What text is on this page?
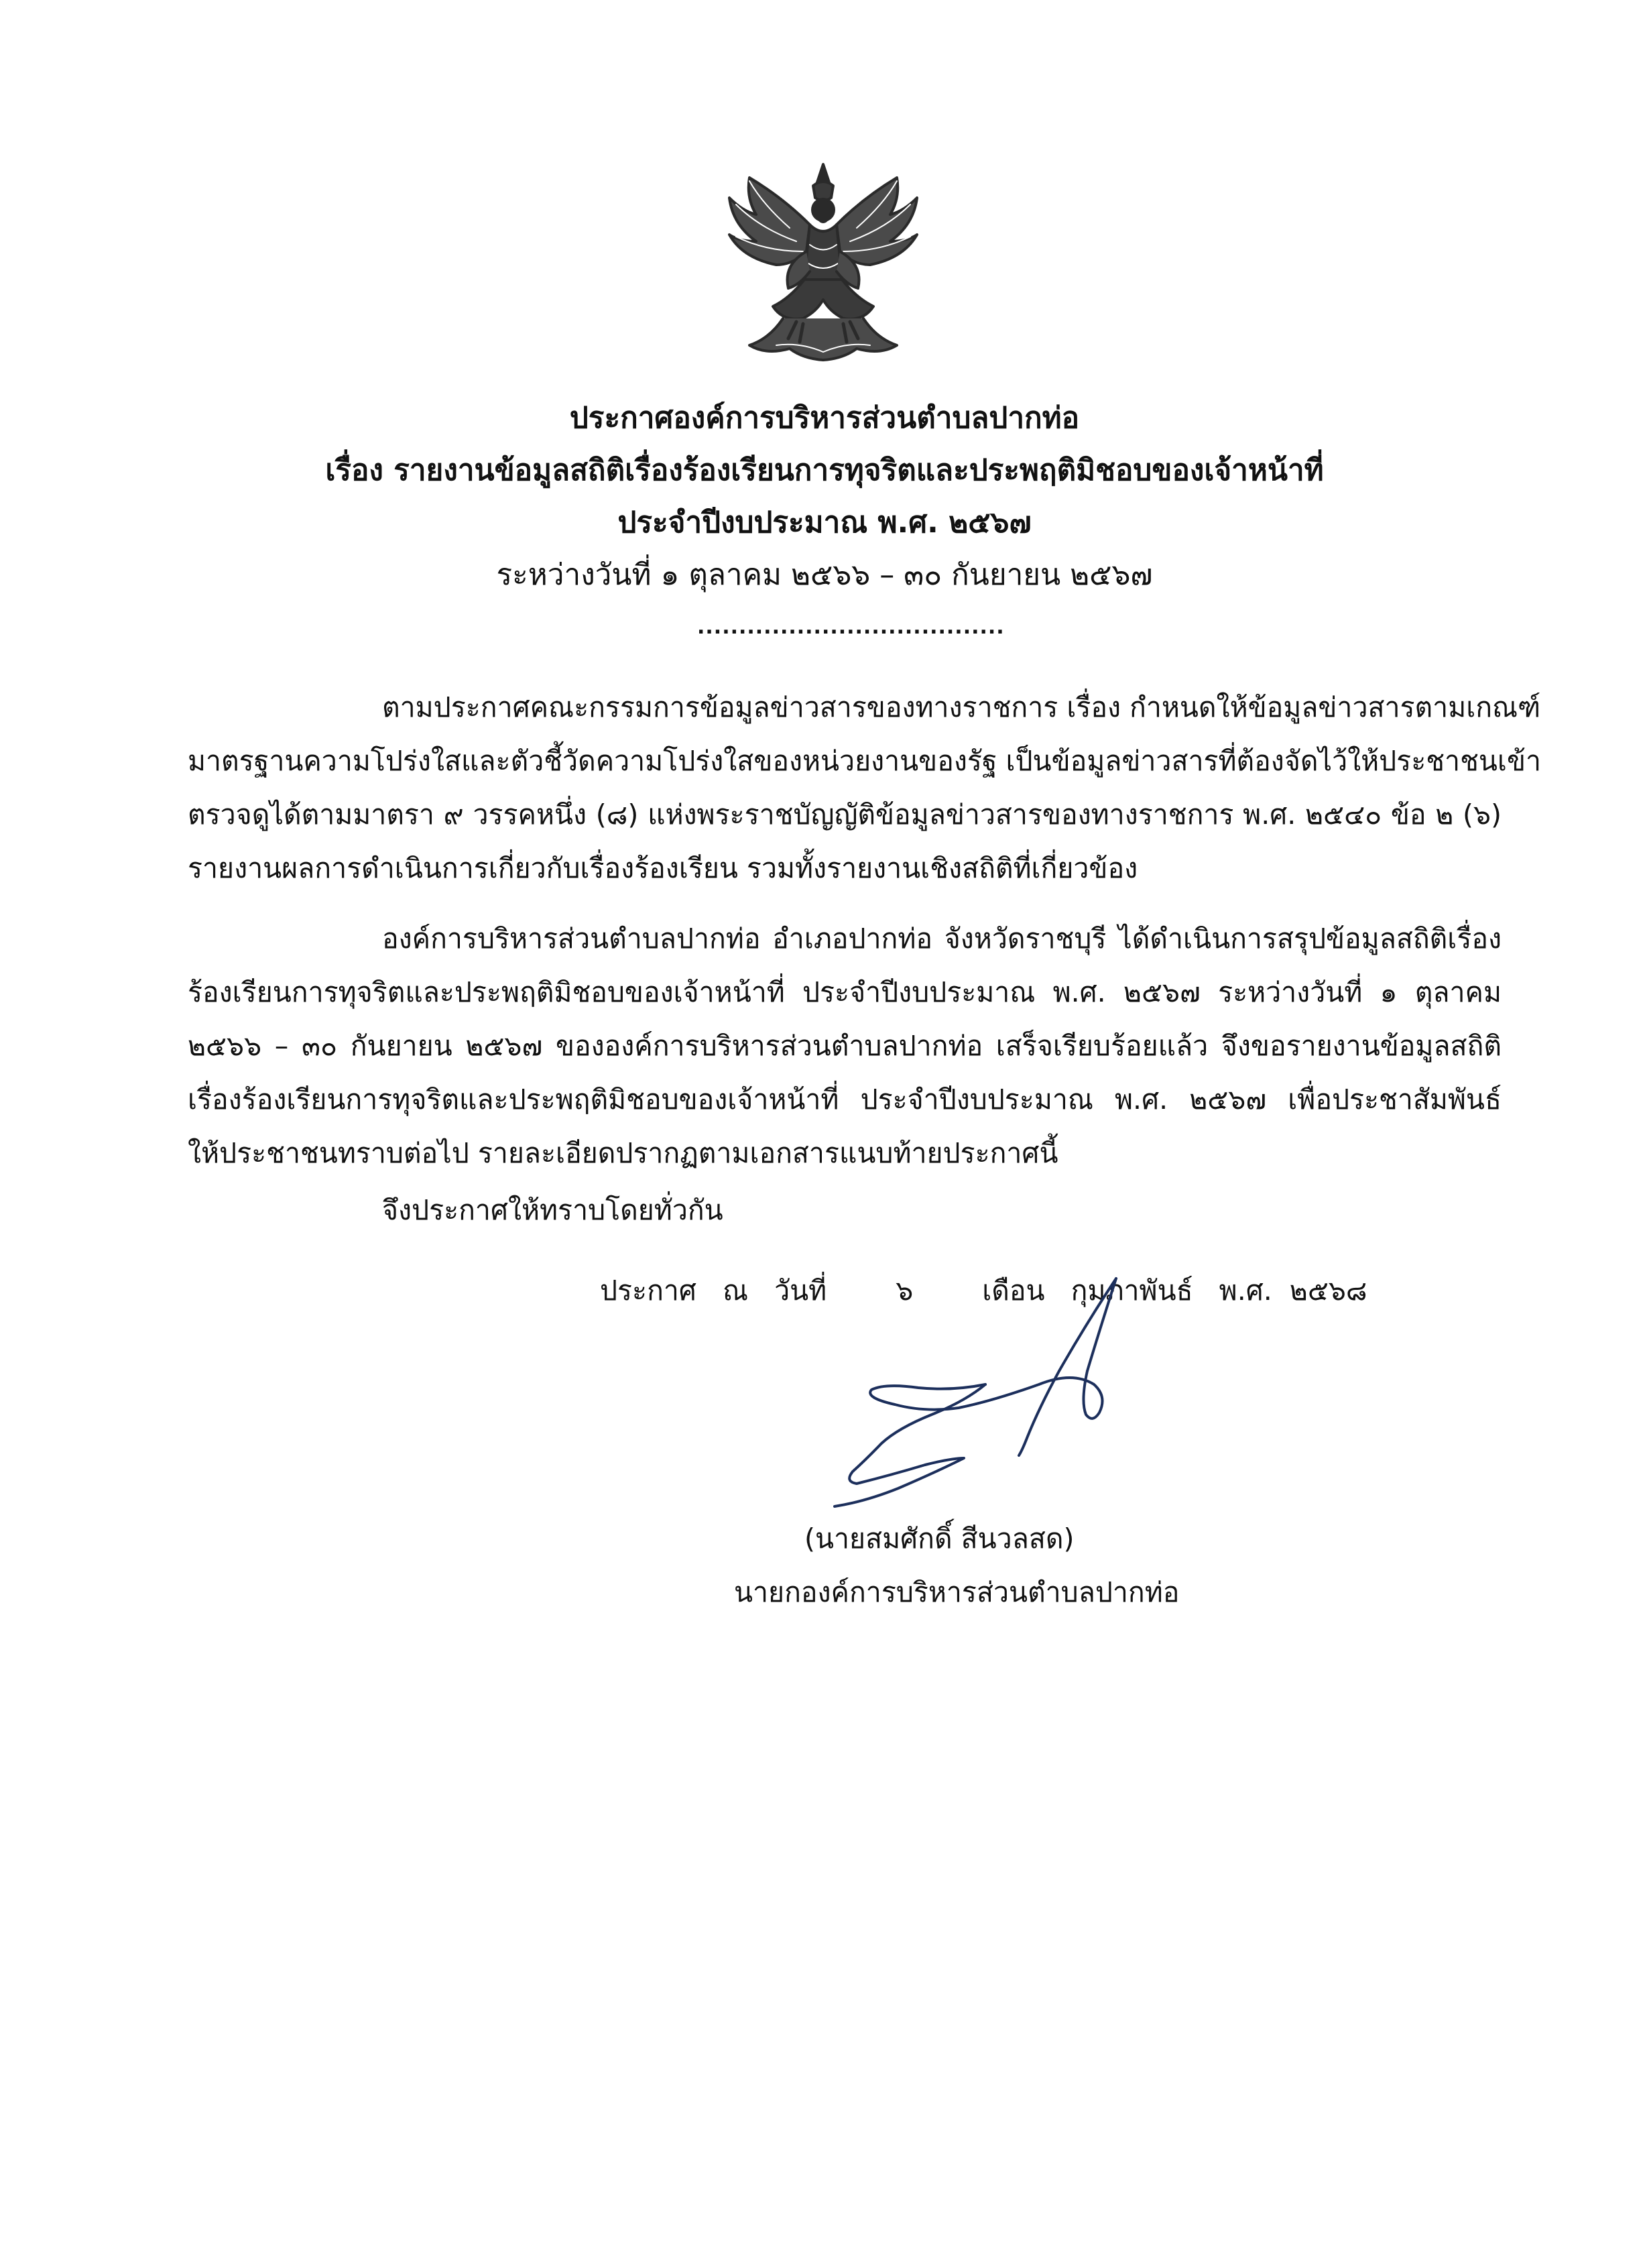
ประกาศองค์การบริหารส่วนตำบลปากท่อ
เรื่อง รายงานข้อมูลสถิติเรื่องร้องเรียนการทุจริตและประพฤติมิชอบของเจ้าหน้าที่
ประจำปีงบประมาณ พ.ศ. ๒๕๖๗
ระหว่างวันที่ ๑ ตุลาคม ๒๕๖๖ – ๓๐ กันยายน ๒๕๖๗
.....................................
ตามประกาศคณะกรรมการข้อมูลข่าวสารของทางราชการ เรื่อง กำหนดให้ข้อมูลข่าวสารตามเกณฑ์
มาตรฐานความโปร่งใสและตัวชี้วัดความโปร่งใสของหน่วยงานของรัฐ เป็นข้อมูลข่าวสารที่ต้องจัดไว้ให้ประชาชนเข้า
ตรวจดูได้ตามมาตรา ๙ วรรคหนึ่ง (๘) แห่งพระราชบัญญัติข้อมูลข่าวสารของทางราชการ พ.ศ. ๒๕๔๐ ข้อ ๒ (๖)
รายงานผลการดำเนินการเกี่ยวกับเรื่องร้องเรียน รวมทั้งรายงานเชิงสถิติที่เกี่ยวข้อง
องค์การบริหารส่วนตำบลปากท่อ อำเภอปากท่อ จังหวัดราชบุรี ได้ดำเนินการสรุปข้อมูลสถิติเรื่อง
ร้องเรียนการทุจริตและประพฤติมิชอบของเจ้าหน้าที่ ประจำปีงบประมาณ พ.ศ. ๒๕๖๗ ระหว่างวันที่ ๑ ตุลาคม
๒๕๖๖ – ๓๐ กันยายน ๒๕๖๗ ขององค์การบริหารส่วนตำบลปากท่อ เสร็จเรียบร้อยแล้ว จึงขอรายงานข้อมูลสถิติ
เรื่องร้องเรียนการทุจริตและประพฤติมิชอบของเจ้าหน้าที่ ประจำปีงบประมาณ พ.ศ. ๒๕๖๗ เพื่อประชาสัมพันธ์
ให้ประชาชนทราบต่อไป รายละเอียดปรากฏตามเอกสารแนบท้ายประกาศนี้
จึงประกาศให้ทราบโดยทั่วกัน
ประกาศ ณ วันที่	๖	เดือน กุมภาพันธ์ พ.ศ. ๒๕๖๘
(นายสมศักดิ์ สีนวลสด)
นายกองค์การบริหารส่วนตำบลปากท่อ
